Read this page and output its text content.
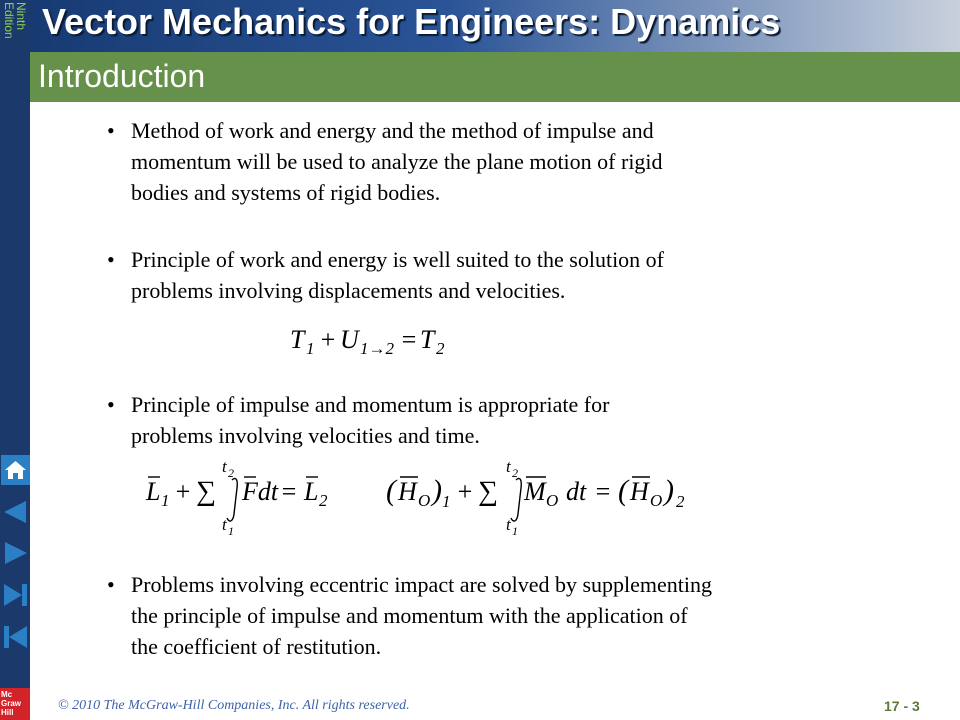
Ninth
Edition
Mc
Graw
Hill
Vector Mechanics for Engineers: Dynamics
Introduction
• Method of work and energy and the method of impulse and
momentum will be used to analyze the plane motion of rigid
bodies and systems of rigid bodies.
• Principle of work and energy is well suited to the solution of
problems involving displacements and velocities.
T 1 + U 1→2 = T 2
• Principle of impulse and momentum is appropriate for
problems involving velocities and time.
L 1 + ∑
t 2
t 1
Fdt = L 2 ( H O ) 1 + ∑
t 2
t 1
M O dt = ( H O ) 2
• Problems involving eccentric impact are solved by supplementing
the principle of impulse and momentum with the application of
the coefficient of restitution.
© 2010 The McGraw-Hill Companies, Inc. All rights reserved.	17 - 3
